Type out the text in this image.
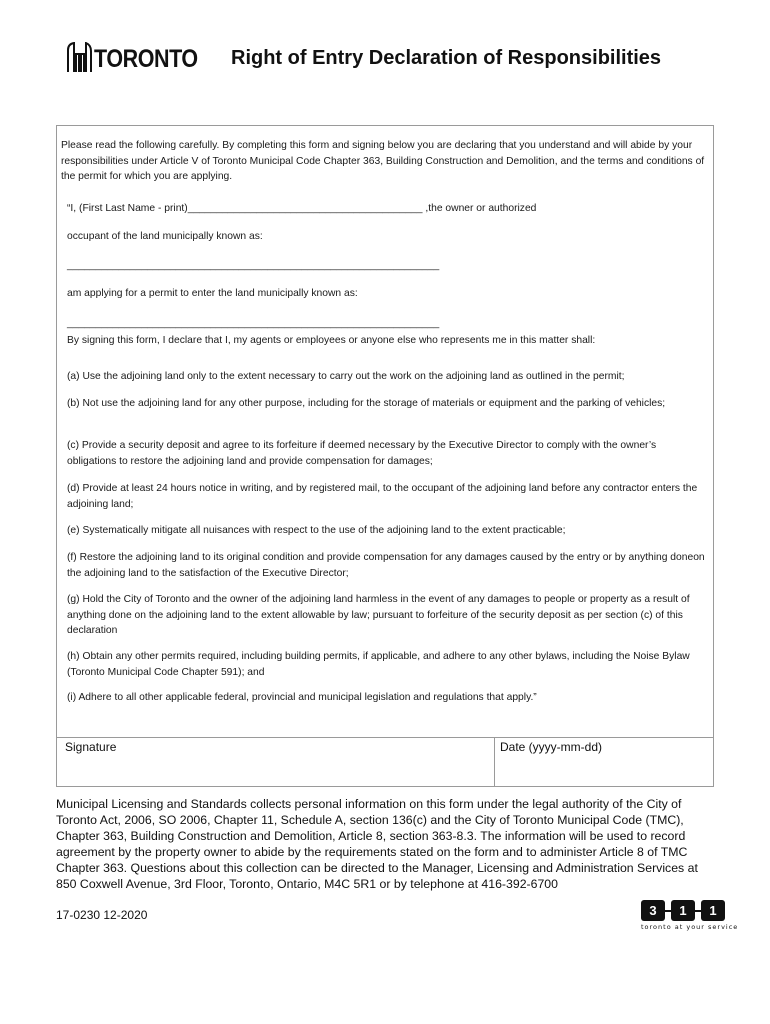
TORONTO Right of Entry Declaration of Responsibilities
Please read the following carefully. By completing this form and signing below you are declaring that you understand and will abide by your responsibilities under Article V of Toronto Municipal Code Chapter 363, Building Construction and Demolition, and the terms and conditions of the permit for which you are applying.
“I, (First Last Name - print)_________________________________________ ,the owner or authorized
occupant of the land municipally known as:
_________________________________________________________________
am applying for a permit to enter the land municipally known as:
_________________________________________________________________
By signing this form, I declare that I, my agents or employees or anyone else who represents me in this matter shall:
(a) Use the adjoining land only to the extent necessary to carry out the work on the adjoining land as outlined in the permit;
(b) Not use the adjoining land for any other purpose, including for the storage of materials or equipment and the parking of vehicles;
(c) Provide a security deposit and agree to its forfeiture if deemed necessary by the Executive Director to comply with the owner’s obligations to restore the adjoining land and provide compensation for damages;
(d) Provide at least 24 hours notice in writing, and by registered mail, to the occupant of the adjoining land before any contractor enters the adjoining land;
(e) Systematically mitigate all nuisances with respect to the use of the adjoining land to the extent practicable;
(f) Restore the adjoining land to its original condition and provide compensation for any damages caused by the entry or by anything doneon the adjoining land to the satisfaction of the Executive Director;
(g) Hold the City of Toronto and the owner of the adjoining land harmless in the event of any damages to people or property as a result of anything done on the adjoining land to the extent allowable by law; pursuant to forfeiture of the security deposit as per section (c) of this declaration
(h) Obtain any other permits required, including building permits, if applicable, and adhere to any other bylaws, including the Noise Bylaw (Toronto Municipal Code Chapter 591); and
(i) Adhere to all other applicable federal, provincial and municipal legislation and regulations that apply.”
Signature	Date (yyyy-mm-dd)
Municipal Licensing and Standards collects personal information on this form under the legal authority of the City of Toronto Act, 2006, SO 2006, Chapter 11, Schedule A, section 136(c) and the City of Toronto Municipal Code (TMC), Chapter 363, Building Construction and Demolition, Article 8, section 363-8.3. The information will be used to record agreement by the property owner to abide by the requirements stated on the form and to administer Article 8 of TMC Chapter 363. Questions about this collection can be directed to the Manager, Licensing and Administration Services at 850 Coxwell Avenue, 3rd Floor, Toronto, Ontario, M4C 5R1 or by telephone at 416-392-6700
17-0230 12-2020	3	1	1
toronto at your service
